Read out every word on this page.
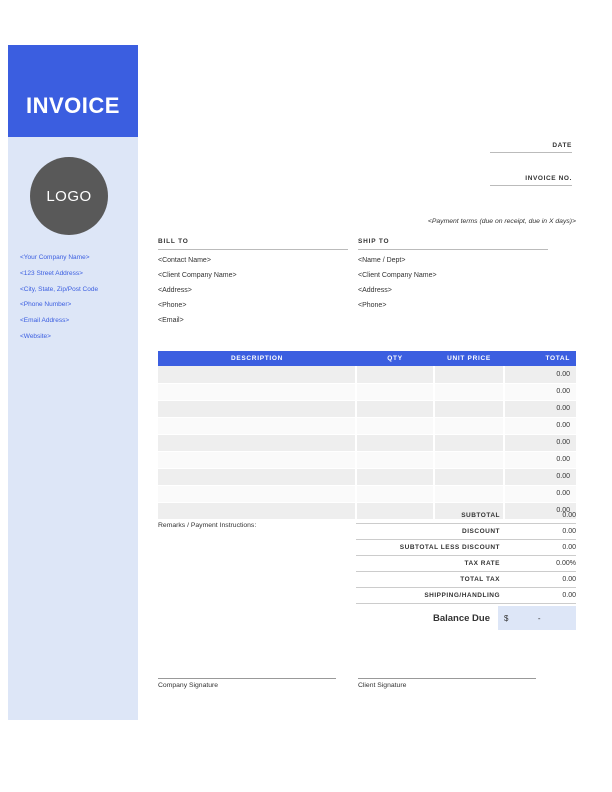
INVOICE
LOGO
<Your Company Name>
<123 Street Address>
<City, State, Zip/Post Code
<Phone Number>
<Email Address>
<Website>
DATE
INVOICE NO.
<Payment terms (due on receipt, due in X days)>
BILL TO
<Contact Name>
<Client Company Name>
<Address>
<Phone>
<Email>
SHIP TO
<Name / Dept>
<Client Company Name>
<Address>
<Phone>
DESCRIPTION	QTY	UNIT PRICE	TOTAL
			0.00
			0.00
			0.00
			0.00
			0.00
			0.00
			0.00
			0.00
			0.00
Remarks / Payment Instructions:
SUBTOTAL	0.00
DISCOUNT	0.00
SUBTOTAL LESS DISCOUNT	0.00
TAX RATE	0.00%
TOTAL TAX	0.00
SHIPPING/HANDLING	0.00
Balance Due	$	-
Company Signature	Client Signature
